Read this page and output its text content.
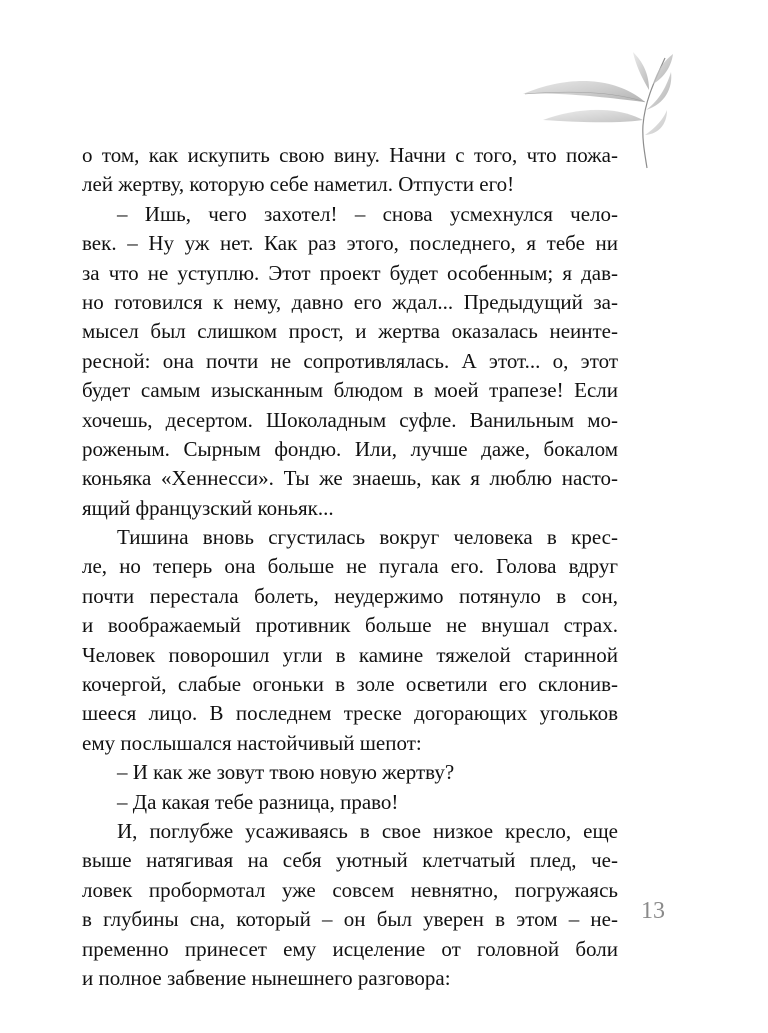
о том, как искупить свою вину. Начни с того, что пожа-
лей жертву, которую себе наметил. Отпусти его!
– Ишь, чего захотел! – снова усмехнулся чело-
век. – Ну уж нет. Как раз этого, последнего, я тебе ни
за что не уступлю. Этот проект будет особенным; я дав-
но готовился к нему, давно его ждал... Предыдущий за-
мысел был слишком прост, и жертва оказалась неинте-
ресной: она почти не сопротивлялась. А этот... о, этот
будет самым изысканным блюдом в моей трапезе! Если
хочешь, десертом. Шоколадным суфле. Ванильным мо-
роженым. Сырным фондю. Или, лучше даже, бокалом
коньяка «Хеннесси». Ты же знаешь, как я люблю насто-
ящий французский коньяк...
Тишина вновь сгустилась вокруг человека в крес-
ле, но теперь она больше не пугала его. Голова вдруг
почти перестала болеть, неудержимо потянуло в сон,
и воображаемый противник больше не внушал страх.
Человек поворошил угли в камине тяжелой старинной
кочергой, слабые огоньки в золе осветили его склонив-
шееся лицо. В последнем треске догорающих угольков
ему послышался настойчивый шепот:
– И как же зовут твою новую жертву?
– Да какая тебе разница, право!
И, поглубже усаживаясь в свое низкое кресло, еще
выше натягивая на себя уютный клетчатый плед, че-
ловек пробормотал уже совсем невнятно, погружаясь
в глубины сна, который – он был уверен в этом – не-
пременно принесет ему исцеление от головной боли
и полное забвение нынешнего разговора:
13
